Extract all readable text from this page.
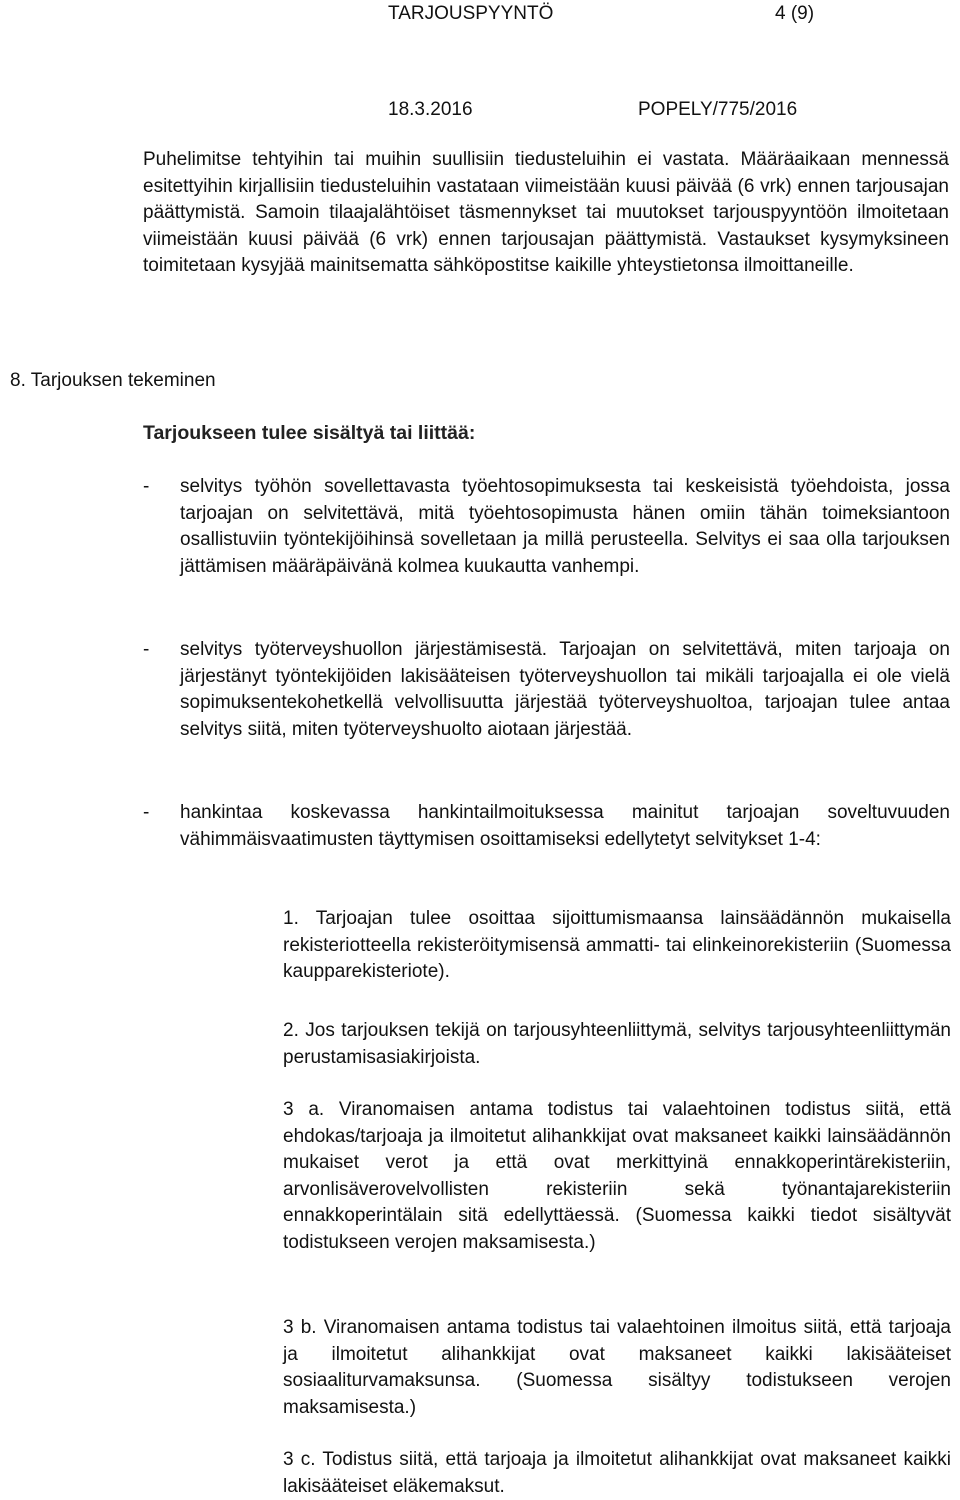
TARJOUSPYYNTÖ	4 (9)
18.3.2016	POPELY/775/2016

Puhelimitse tehtyihin tai muihin suullisiin tiedusteluihin ei vastata. Määräaikaan mennessä esitettyihin kirjallisiin tiedusteluihin vastataan viimeistään kuusi päivää (6 vrk) ennen tarjousajan päättymistä. Samoin tilaajalähtöiset täsmennykset tai muutokset tarjouspyyntöön ilmoitetaan viimeistään kuusi päivää (6 vrk) ennen tarjousajan päättymistä. Vastaukset kysymyksineen toimitetaan kysyjää mainitsematta sähköpostitse kaikille yhteystietonsa ilmoittaneille.

8. Tarjouksen tekeminen
Tarjoukseen tulee sisältyä tai liittää:
- selvitys työhön sovellettavasta työehtosopimuksesta tai keskeisistä työehdoista, jossa tarjoajan on selvitettävä, mitä työehtosopimusta hänen omiin tähän toimeksiantoon osallistuviin työntekijöihinsä sovelletaan ja millä perusteella. Selvitys ei saa olla tarjouksen jättämisen määräpäivänä kolmea kuukautta vanhempi.

- selvitys työterveyshuollon järjestämisestä. Tarjoajan on selvitettävä, miten tarjoaja on järjestänyt työntekijöiden lakisääteisen työterveyshuollon tai mikäli tarjoajalla ei ole vielä sopimuksentekohetkellä velvollisuutta järjestää työterveyshuoltoa, tarjoajan tulee antaa selvitys siitä, miten työterveyshuolto aiotaan järjestää.

- hankintaa koskevassa hankintailmoituksessa mainitut tarjoajan soveltuvuuden vähimmäisvaatimusten täyttymisen osoittamiseksi edellytetyt selvitykset 1-4:

1. Tarjoajan tulee osoittaa sijoittumismaansa lainsäädännön mukaisella rekisteriotteella rekisteröitymisensä ammatti- tai elinkeinorekisteriin (Suomessa kaupparekisteriote).

2. Jos tarjouksen tekijä on tarjousyhteenliittymä, selvitys tarjousyhteenliittymän perustamisasiakirjoista.

3 a. Viranomaisen antama todistus tai valaehtoinen todistus siitä, että ehdokas/tarjoaja ja ilmoitetut alihankkijat ovat maksaneet kaikki lainsäädännön mukaiset verot ja että ovat merkittyinä ennakkoperintärekisteriin, arvonlisäverovelvollisten rekisteriin sekä työnantajarekisteriin ennakkoperintälain sitä edellyttäessä. (Suomessa kaikki tiedot sisältyvät todistukseen verojen maksamisesta.)

3 b. Viranomaisen antama todistus tai valaehtoinen ilmoitus siitä, että tarjoaja ja ilmoitetut alihankkijat ovat maksaneet kaikki lakisääteiset sosiaaliturvamaksunsa. (Suomessa sisältyy todistukseen verojen maksamisesta.)

3 c. Todistus siitä, että tarjoaja ja ilmoitetut alihankkijat ovat maksaneet kaikki lakisääteiset eläkemaksut.
